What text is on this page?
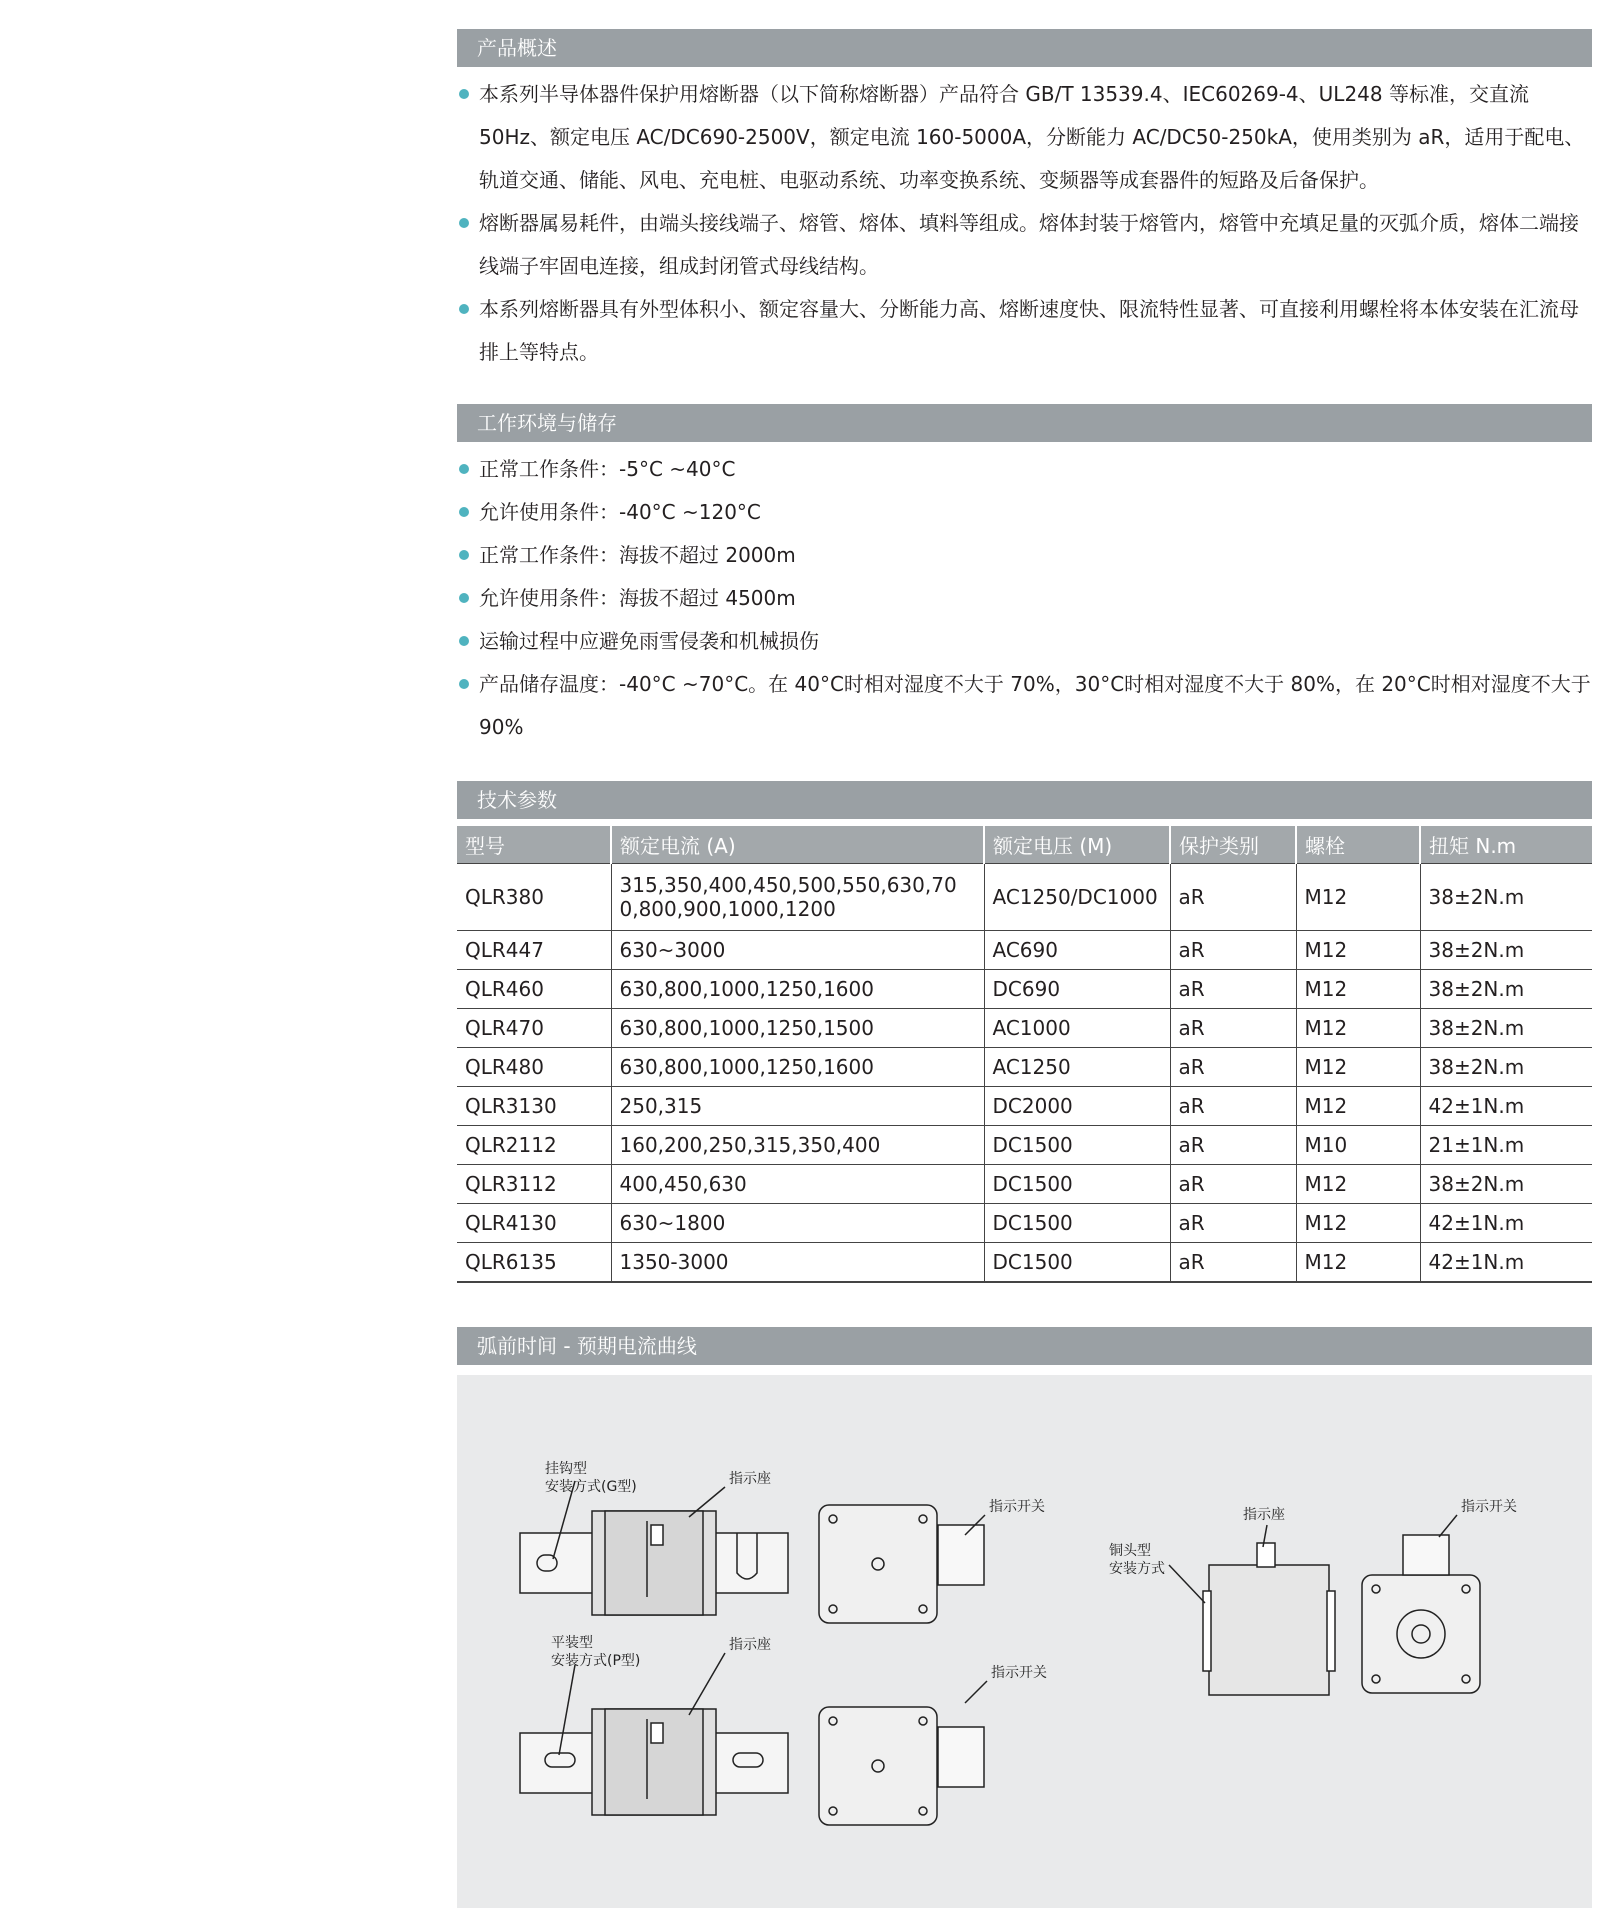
产品概述
本系列半导体器件保护用熔断器（以下简称熔断器）产品符合 GB/T 13539.4、IEC60269-4、UL248 等标准，交直流 50Hz、额定电压 AC/DC690-2500V，额定电流 160-5000A，分断能力 AC/DC50-250kA，使用类别为 aR，适用于配电、轨道交通、储能、风电、充电桩、电驱动系统、功率变换系统、变频器等成套器件的短路及后备保护。
熔断器属易耗件，由端头接线端子、熔管、熔体、填料等组成。熔体封装于熔管内，熔管中充填足量的灭弧介质，熔体二端接线端子牢固电连接，组成封闭管式母线结构。
本系列熔断器具有外型体积小、额定容量大、分断能力高、熔断速度快、限流特性显著、可直接利用螺栓将本体安装在汇流母排上等特点。
工作环境与储存
正常工作条件：-5°C ~40°C
允许使用条件：-40°C ~120°C
正常工作条件：海拔不超过 2000m
允许使用条件：海拔不超过 4500m
运输过程中应避免雨雪侵袭和机械损伤
产品储存温度：-40°C ~70°C。在 40°C时相对湿度不大于 70%，30°C时相对湿度不大于 80%，在 20°C时相对湿度不大于 90%
技术参数
型号	额定电流 (A)	额定电压 (M)	保护类别	螺栓	扭矩 N.m
QLR380	315,350,400,450,500,550,630,700,800,900,1000,1200	AC1250/DC1000	aR	M12	38±2N.m
QLR447	630~3000	AC690	aR	M12	38±2N.m
QLR460	630,800,1000,1250,1600	DC690	aR	M12	38±2N.m
QLR470	630,800,1000,1250,1500	AC1000	aR	M12	38±2N.m
QLR480	630,800,1000,1250,1600	AC1250	aR	M12	38±2N.m
QLR3130	250,315	DC2000	aR	M12	42±1N.m
QLR2112	160,200,250,315,350,400	DC1500	aR	M10	21±1N.m
QLR3112	400,450,630	DC1500	aR	M12	38±2N.m
QLR4130	630~1800	DC1500	aR	M12	42±1N.m
QLR6135	1350-3000	DC1500	aR	M12	42±1N.m
弧前时间 - 预期电流曲线
挂钩型
安装方式(G型)	指示座
指示开关
平装型
安装方式(P型)
指示座
指示开关
铜头型
安装方式
指示座	指示开关
